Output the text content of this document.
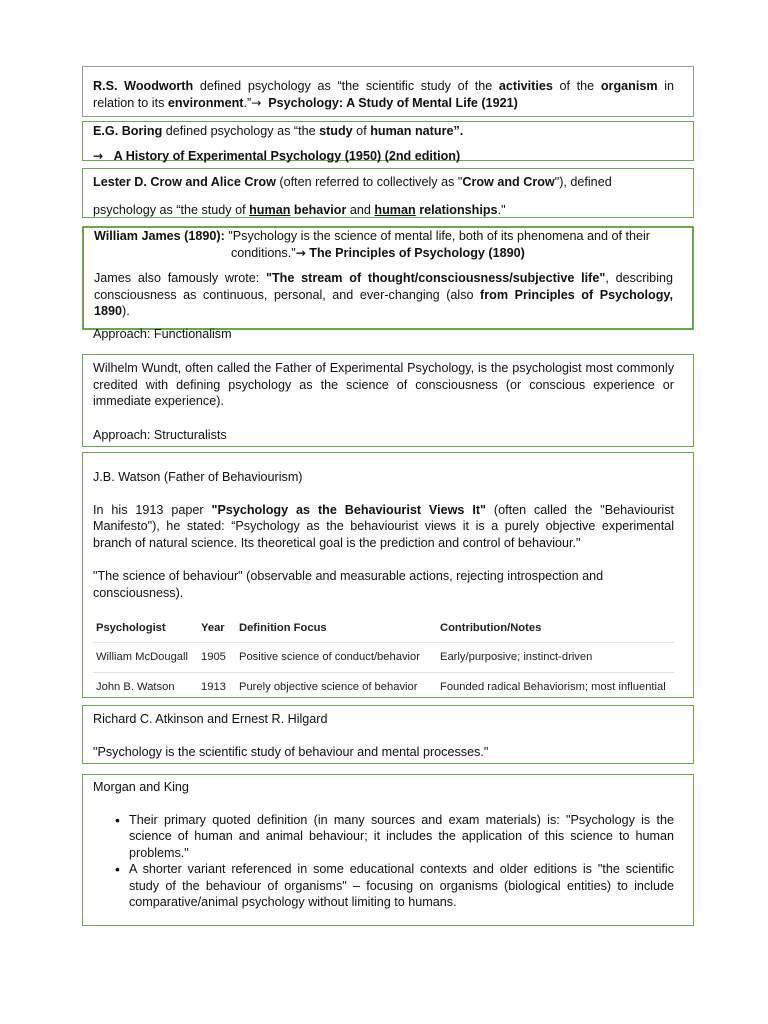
R.S. Woodworth defined psychology as “the scientific study of the activities of the organism in relation to its environment.”→ Psychology: A Study of Mental Life (1921)

E.G. Boring defined psychology as “the study of human nature”.

→ A History of Experimental Psychology (1950) (2nd edition)

Lester D. Crow and Alice Crow (often referred to collectively as "Crow and Crow"), defined

psychology as “the study of human behavior and human relationships."

William James (1890): "Psychology is the science of mental life, both of its phenomena and of their

conditions."→ The Principles of Psychology (1890)

James also famously wrote: "The stream of thought/consciousness/subjective life", describing consciousness as continuous, personal, and ever-changing (also from Principles of Psychology, 1890).

Approach: Functionalism

Wilhelm Wundt, often called the Father of Experimental Psychology, is the psychologist most commonly credited with defining psychology as the science of consciousness (or conscious experience or immediate experience).

Approach: Structuralists

J.B. Watson (Father of Behaviourism)

In his 1913 paper "Psychology as the Behaviourist Views It" (often called the "Behaviourist Manifesto"), he stated: “Psychology as the behaviourist views it is a purely objective experimental branch of natural science. Its theoretical goal is the prediction and control of behaviour."

"The science of behaviour" (observable and measurable actions, rejecting introspection and consciousness).

Psychologist	Year	Definition Focus	Contribution/Notes
William McDougall	1905	Positive science of conduct/behavior	Early/purposive; instinct-driven
John B. Watson	1913	Purely objective science of behavior	Founded radical Behaviorism; most influential

Richard C. Atkinson and Ernest R. Hilgard

"Psychology is the scientific study of behaviour and mental processes."

Morgan and King

• Their primary quoted definition (in many sources and exam materials) is: "Psychology is the science of human and animal behaviour; it includes the application of this science to human problems."
• A shorter variant referenced in some educational contexts and older editions is "the scientific study of the behaviour of organisms" – focusing on organisms (biological entities) to include comparative/animal psychology without limiting to humans.
